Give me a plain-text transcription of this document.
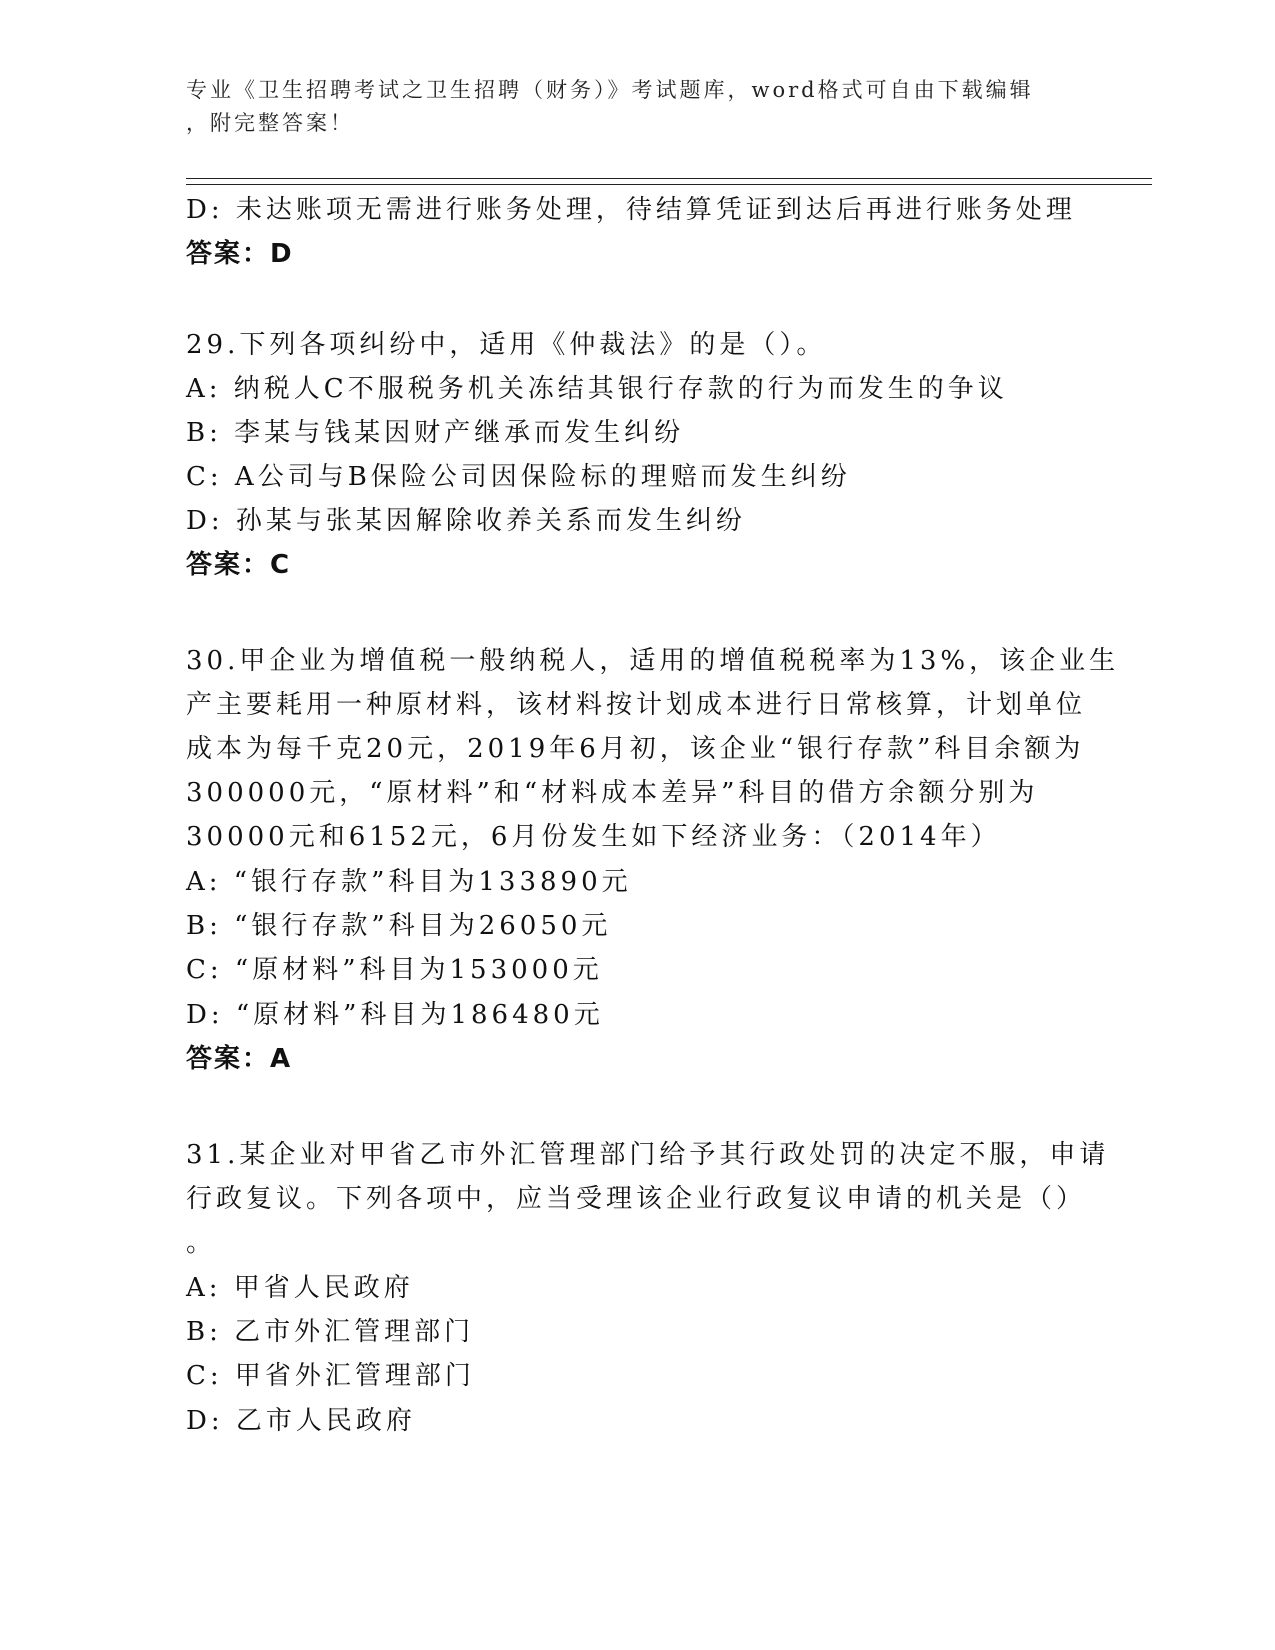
专业《卫生招聘考试之卫生招聘（财务）》考试题库，word格式可自由下载编辑
，附完整答案！
D: 未达账项无需进行账务处理，待结算凭证到达后再进行账务处理
答案：D
29.下列各项纠纷中，适用《仲裁法》的是（）。
A: 纳税人C不服税务机关冻结其银行存款的行为而发生的争议
B: 李某与钱某因财产继承而发生纠纷
C: A公司与B保险公司因保险标的理赔而发生纠纷
D: 孙某与张某因解除收养关系而发生纠纷
答案：C
30.甲企业为增值税一般纳税人，适用的增值税税率为13%，该企业生
产主要耗用一种原材料，该材料按计划成本进行日常核算，计划单位
成本为每千克20元，2019年6月初，该企业“银行存款”科目余额为
300000元，“原材料”和“材料成本差异”科目的借方余额分别为
30000元和6152元，6月份发生如下经济业务：（2014年）
A: “银行存款”科目为133890元
B: “银行存款”科目为26050元
C: “原材料”科目为153000元
D: “原材料”科目为186480元
答案：A
31.某企业对甲省乙市外汇管理部门给予其行政处罚的决定不服，申请
行政复议。下列各项中，应当受理该企业行政复议申请的机关是（）
。
A: 甲省人民政府
B: 乙市外汇管理部门
C: 甲省外汇管理部门
D: 乙市人民政府
